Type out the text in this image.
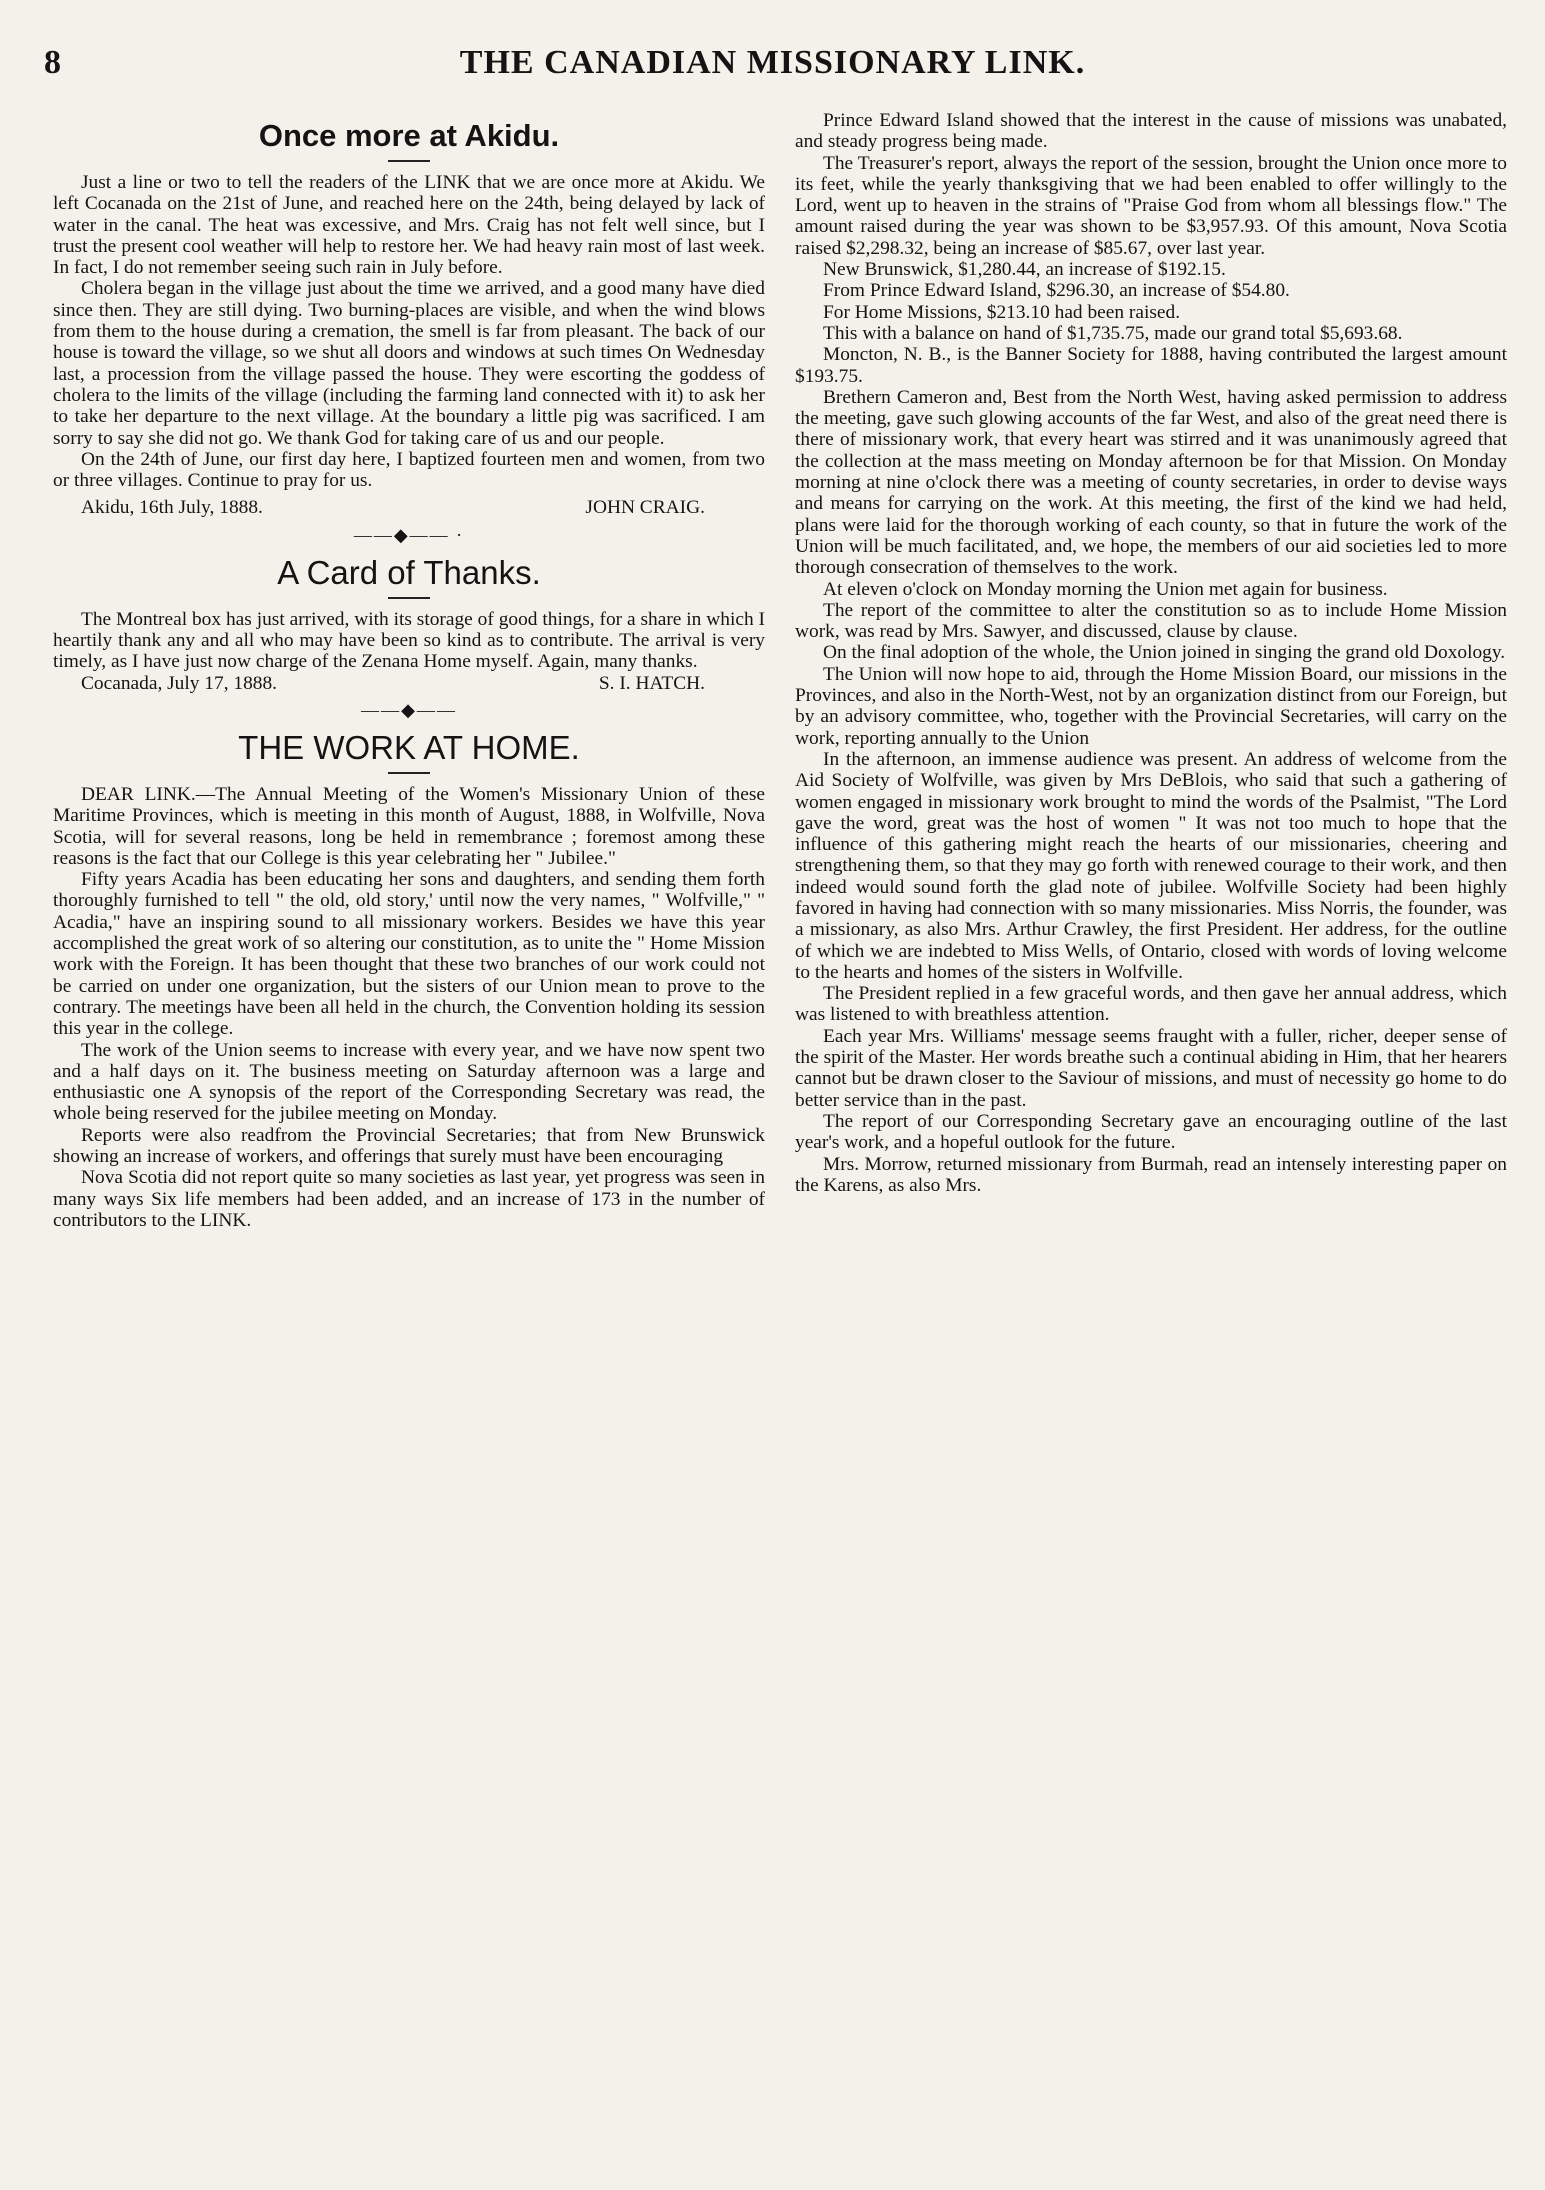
8	THE CANADIAN MISSIONARY LINK.
Once more at Akidu.

Just a line or two to tell the readers of the LINK that we are once more at Akidu. We left Cocanada on the 21st of June, and reached here on the 24th, being delayed by lack of water in the canal. The heat was excessive, and Mrs. Craig has not felt well since, but I trust the present cool weather will help to restore her. We had heavy rain most of last week. In fact, I do not remember seeing such rain in July before.

Cholera began in the village just about the time we arrived, and a good many have died since then. They are still dying. Two burning-places are visible, and when the wind blows from them to the house during a cremation, the smell is far from pleasant. The back of our house is toward the village, so we shut all doors and windows at such times On Wednesday last, a procession from the village passed the house. They were escorting the goddess of cholera to the limits of the village (including the farming land connected with it) to ask her to take her departure to the next village. At the boundary a little pig was sacrificed. I am sorry to say she did not go. We thank God for taking care of us and our people.

On the 24th of June, our first day here, I baptized fourteen men and women, from two or three villages. Continue to pray for us.

Akidu, 16th July, 1888.	JOHN CRAIG.
——◆—— ·
A Card of Thanks.

The Montreal box has just arrived, with its storage of good things, for a share in which I heartily thank any and all who may have been so kind as to contribute. The arrival is very timely, as I have just now charge of the Zenana Home myself. Again, many thanks.

Cocanada, July 17, 1888.	S. I. HATCH.
——◆——
THE WORK AT HOME.

DEAR LINK.—The Annual Meeting of the Women's Missionary Union of these Maritime Provinces, which is meeting in this month of August, 1888, in Wolfville, Nova Scotia, will for several reasons, long be held in remembrance ; foremost among these reasons is the fact that our College is this year celebrating her " Jubilee."

Fifty years Acadia has been educating her sons and daughters, and sending them forth thoroughly furnished to tell " the old, old story,' until now the very names, " Wolfville," " Acadia," have an inspiring sound to all missionary workers. Besides we have this year accomplished the great work of so altering our constitution, as to unite the " Home Mission work with the Foreign. It has been thought that these two branches of our work could not be carried on under one organization, but the sisters of our Union mean to prove to the contrary. The meetings have been all held in the church, the Convention holding its session this year in the college.

The work of the Union seems to increase with every year, and we have now spent two and a half days on it. The business meeting on Saturday afternoon was a large and enthusiastic one A synopsis of the report of the Corresponding Secretary was read, the whole being reserved for the jubilee meeting on Monday.

Reports were also readfrom the Provincial Secretaries; that from New Brunswick showing an increase of workers, and offerings that surely must have been encouraging

Nova Scotia did not report quite so many societies as last year, yet progress was seen in many ways Six life members had been added, and an increase of 173 in the number of contributors to the LINK.

Prince Edward Island showed that the interest in the cause of missions was unabated, and steady progress being made.

The Treasurer's report, always the report of the session, brought the Union once more to its feet, while the yearly thanksgiving that we had been enabled to offer willingly to the Lord, went up to heaven in the strains of "Praise God from whom all blessings flow." The amount raised during the year was shown to be $3,957.93. Of this amount, Nova Scotia raised $2,298.32, being an increase of $85.67, over last year.

New Brunswick, $1,280.44, an increase of $192.15.

From Prince Edward Island, $296.30, an increase of $54.80.

For Home Missions, $213.10 had been raised.

This with a balance on hand of $1,735.75, made our grand total $5,693.68.

Moncton, N. B., is the Banner Society for 1888, having contributed the largest amount $193.75.

Brethern Cameron and, Best from the North West, having asked permission to address the meeting, gave such glowing accounts of the far West, and also of the great need there is there of missionary work, that every heart was stirred and it was unanimously agreed that the collection at the mass meeting on Monday afternoon be for that Mission. On Monday morning at nine o'clock there was a meeting of county secretaries, in order to devise ways and means for carrying on the work. At this meeting, the first of the kind we had held, plans were laid for the thorough working of each county, so that in future the work of the Union will be much facilitated, and, we hope, the members of our aid societies led to more thorough consecration of themselves to the work.

At eleven o'clock on Monday morning the Union met again for business.

The report of the committee to alter the constitution so as to include Home Mission work, was read by Mrs. Sawyer, and discussed, clause by clause.

On the final adoption of the whole, the Union joined in singing the grand old Doxology.

The Union will now hope to aid, through the Home Mission Board, our missions in the Provinces, and also in the North-West, not by an organization distinct from our Foreign, but by an advisory committee, who, together with the Provincial Secretaries, will carry on the work, reporting annually to the Union

In the afternoon, an immense audience was present. An address of welcome from the Aid Society of Wolfville, was given by Mrs DeBlois, who said that such a gathering of women engaged in missionary work brought to mind the words of the Psalmist, "The Lord gave the word, great was the host of women " It was not too much to hope that the influence of this gathering might reach the hearts of our missionaries, cheering and strengthening them, so that they may go forth with renewed courage to their work, and then indeed would sound forth the glad note of jubilee. Wolfville Society had been highly favored in having had connection with so many missionaries. Miss Norris, the founder, was a missionary, as also Mrs. Arthur Crawley, the first President. Her address, for the outline of which we are indebted to Miss Wells, of Ontario, closed with words of loving welcome to the hearts and homes of the sisters in Wolfville.

The President replied in a few graceful words, and then gave her annual address, which was listened to with breathless attention.

Each year Mrs. Williams' message seems fraught with a fuller, richer, deeper sense of the spirit of the Master. Her words breathe such a continual abiding in Him, that her hearers cannot but be drawn closer to the Saviour of missions, and must of necessity go home to do better service than in the past.

The report of our Corresponding Secretary gave an encouraging outline of the last year's work, and a hopeful outlook for the future.

Mrs. Morrow, returned missionary from Burmah, read an intensely interesting paper on the Karens, as also Mrs.
